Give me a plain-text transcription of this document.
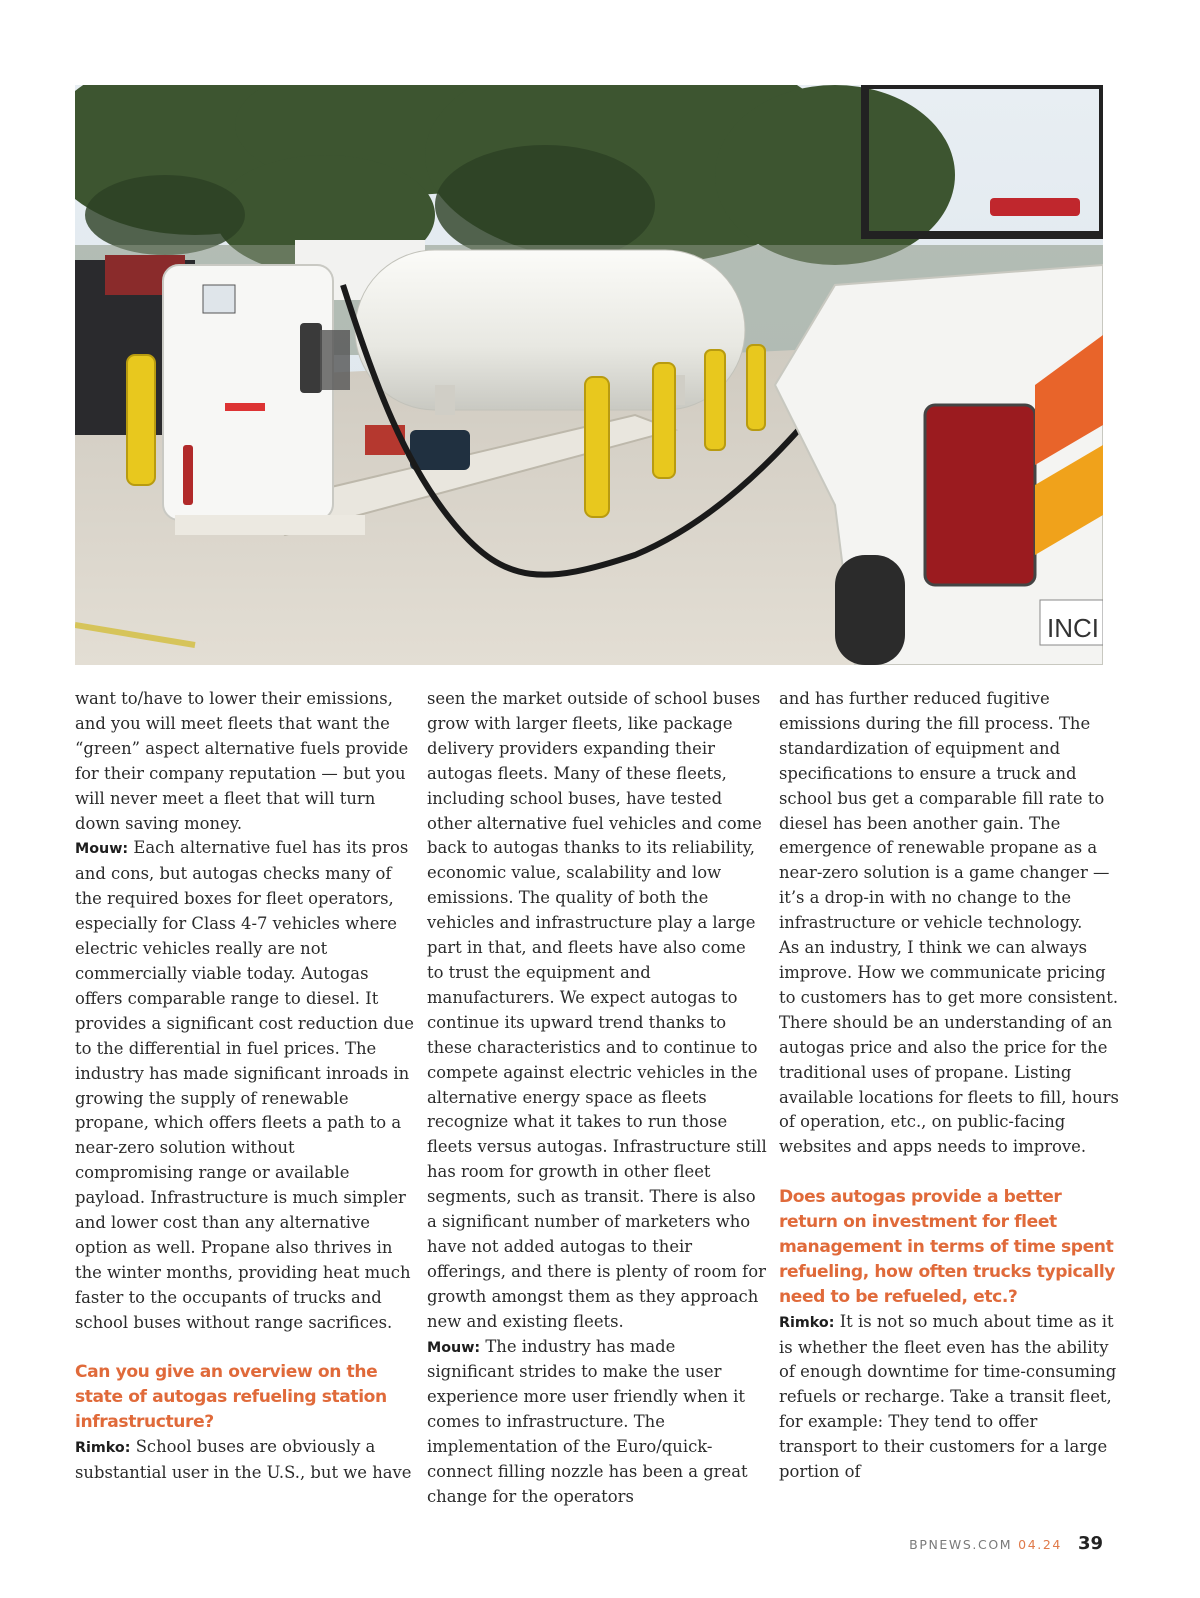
INCI

want to/have to lower their emissions, and you will meet fleets that want the “green” aspect alternative fuels provide for their company reputation — but you will never meet a fleet that will turn down saving money.

Mouw: Each alternative fuel has its pros and cons, but autogas checks many of the required boxes for fleet operators, especially for Class 4-7 vehicles where electric vehicles really are not commercially viable today. Autogas offers comparable range to diesel. It provides a significant cost reduction due to the differential in fuel prices. The industry has made significant inroads in growing the supply of renewable propane, which offers fleets a path to a near-zero solution without compromising range or available payload. Infrastructure is much simpler and lower cost than any alternative option as well. Propane also thrives in the winter months, providing heat much faster to the occupants of trucks and school buses without range sacrifices.

Can you give an overview on the state of autogas refueling station infrastructure?

Rimko: School buses are obviously a substantial user in the U.S., but we have

seen the market outside of school buses grow with larger fleets, like package delivery providers expanding their autogas fleets. Many of these fleets, including school buses, have tested other alternative fuel vehicles and come back to autogas thanks to its reliability, economic value, scalability and low emissions. The quality of both the vehicles and infrastructure play a large part in that, and fleets have also come to trust the equipment and manufacturers. We expect autogas to continue its upward trend thanks to these characteristics and to continue to compete against electric vehicles in the alternative energy space as fleets recognize what it takes to run those fleets versus autogas. Infrastructure still has room for growth in other fleet segments, such as transit. There is also a significant number of marketers who have not added autogas to their offerings, and there is plenty of room for growth amongst them as they approach new and existing fleets.

Mouw: The industry has made significant strides to make the user experience more user friendly when it comes to infrastructure. The implementation of the Euro/quick-connect filling nozzle has been a great change for the operators

and has further reduced fugitive emissions during the fill process. The standardization of equipment and specifications to ensure a truck and school bus get a comparable fill rate to diesel has been another gain. The emergence of renewable propane as a near-zero solution is a game changer — it’s a drop-in with no change to the infrastructure or vehicle technology.

As an industry, I think we can always improve. How we communicate pricing to customers has to get more consistent. There should be an understanding of an autogas price and also the price for the traditional uses of propane. Listing available locations for fleets to fill, hours of operation, etc., on public-facing websites and apps needs to improve.

Does autogas provide a better return on investment for fleet management in terms of time spent refueling, how often trucks typically need to be refueled, etc.?

Rimko: It is not so much about time as it is whether the fleet even has the ability of enough downtime for time-consuming refuels or recharge. Take a transit fleet, for example: They tend to offer transport to their customers for a large portion of

BPNEWS.COM 04.24 39
